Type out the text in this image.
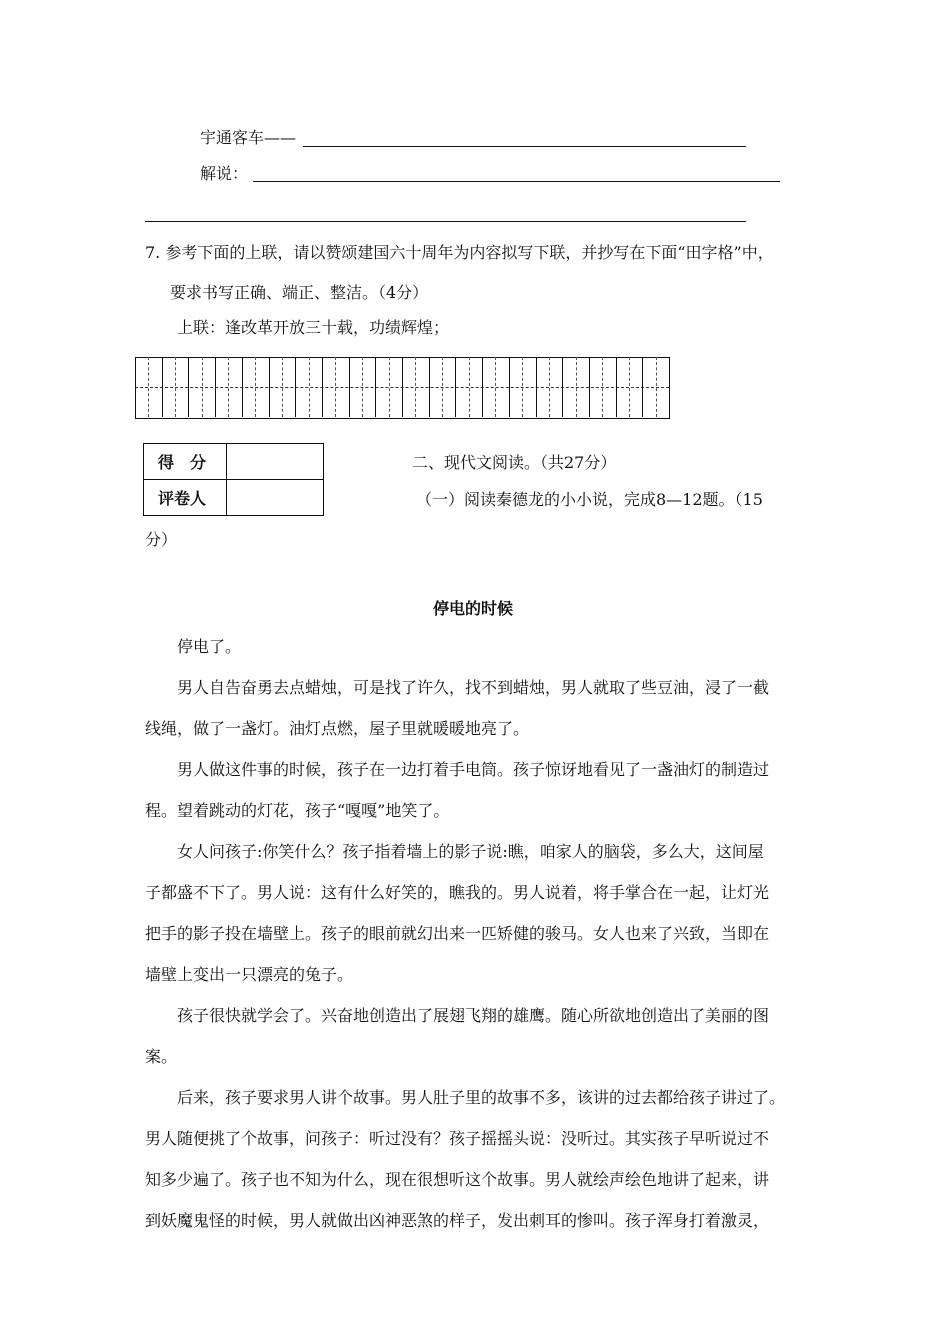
宇通客车——
解说：
7. 参考下面的上联，请以赞颂建国六十周年为内容拟写下联，并抄写在下面“田字格”中，
要求书写正确、端正、整洁。（4分）
上联：逢改革开放三十载，功绩辉煌；
得　分	
评卷人	
二、现代文阅读。（共27分）
（一）阅读秦德龙的小小说，完成8—12题。（15
分）
停电的时候
　　停电了。
　　男人自告奋勇去点蜡烛，可是找了许久，找不到蜡烛，男人就取了些豆油，浸了一截
线绳，做了一盏灯。油灯点燃，屋子里就暖暖地亮了。
　　男人做这件事的时候，孩子在一边打着手电筒。孩子惊讶地看见了一盏油灯的制造过
程。望着跳动的灯花，孩子“嘎嘎”地笑了。
　　女人问孩子:你笑什么？孩子指着墙上的影子说:瞧，咱家人的脑袋，多么大，这间屋
子都盛不下了。男人说：这有什么好笑的，瞧我的。男人说着，将手掌合在一起，让灯光
把手的影子投在墙壁上。孩子的眼前就幻出来一匹矫健的骏马。女人也来了兴致，当即在
墙壁上变出一只漂亮的兔子。
　　孩子很快就学会了。兴奋地创造出了展翅飞翔的雄鹰。随心所欲地创造出了美丽的图
案。
　　后来，孩子要求男人讲个故事。男人肚子里的故事不多，该讲的过去都给孩子讲过了。
男人随便挑了个故事，问孩子：听过没有？孩子摇摇头说：没听过。其实孩子早听说过不
知多少遍了。孩子也不知为什么，现在很想听这个故事。男人就绘声绘色地讲了起来，讲
到妖魔鬼怪的时候，男人就做出凶神恶煞的样子，发出刺耳的惨叫。孩子浑身打着激灵，
